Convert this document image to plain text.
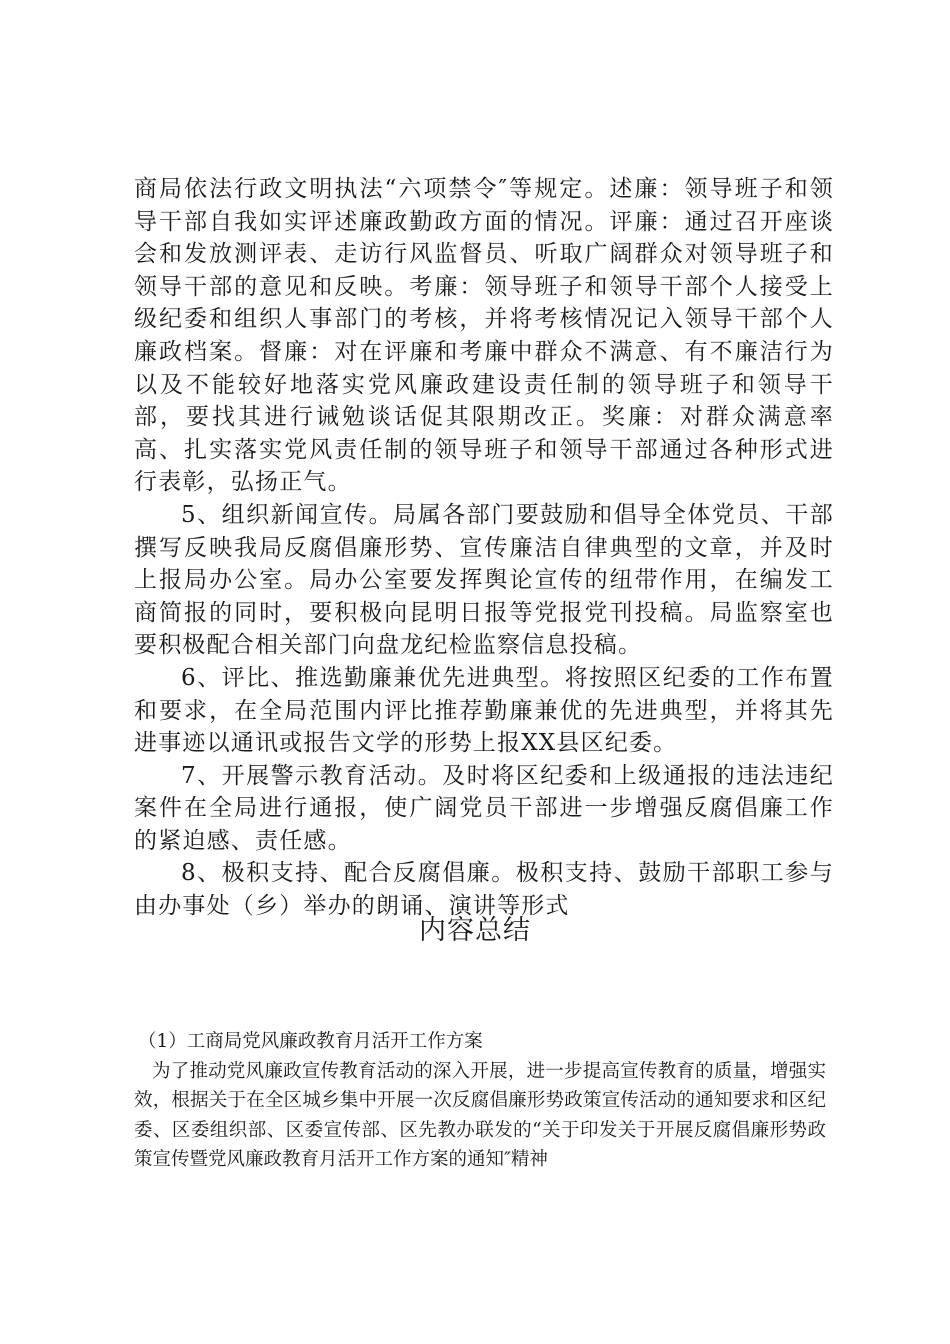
商局依法行政文明执法“六项禁令″等规定。述廉：领导班子和领导干部自我如实评述廉政勤政方面的情况。评廉：通过召开座谈会和发放测评表、走访行风监督员、听取广阔群众对领导班子和领导干部的意见和反映。考廉：领导班子和领导干部个人接受上级纪委和组织人事部门的考核，并将考核情况记入领导干部个人廉政档案。督廉：对在评廉和考廉中群众不满意、有不廉洁行为以及不能较好地落实党风廉政建设责任制的领导班子和领导干部，要找其进行诫勉谈话促其限期改正。奖廉：对群众满意率高、扎实落实党风责任制的领导班子和领导干部通过各种形式进行表彰，弘扬正气。

5、组织新闻宣传。局属各部门要鼓励和倡导全体党员、干部撰写反映我局反腐倡廉形势、宣传廉洁自律典型的文章，并及时上报局办公室。局办公室要发挥舆论宣传的纽带作用，在编发工商简报的同时，要积极向昆明日报等党报党刊投稿。局监察室也要积极配合相关部门向盘龙纪检监察信息投稿。

6、评比、推选勤廉兼优先进典型。将按照区纪委的工作布置和要求，在全局范围内评比推荐勤廉兼优的先进典型，并将其先进事迹以通讯或报告文学的形势上报XX县区纪委。

7、开展警示教育活动。及时将区纪委和上级通报的违法违纪案件在全局进行通报，使广阔党员干部进一步增强反腐倡廉工作的紧迫感、责任感。

8、极积支持、配合反腐倡廉。极积支持、鼓励干部职工参与由办事处（乡）举办的朗诵、演讲等形式

内容总结

（1）工商局党风廉政教育月活开工作方案

为了推动党风廉政宣传教育活动的深入开展，进一步提高宣传教育的质量，增强实效，根据关于在全区城乡集中开展一次反腐倡廉形势政策宣传活动的通知要求和区纪委、区委组织部、区委宣传部、区先教办联发的“关于印发关于开展反腐倡廉形势政策宣传暨党风廉政教育月活开工作方案的通知″精神
